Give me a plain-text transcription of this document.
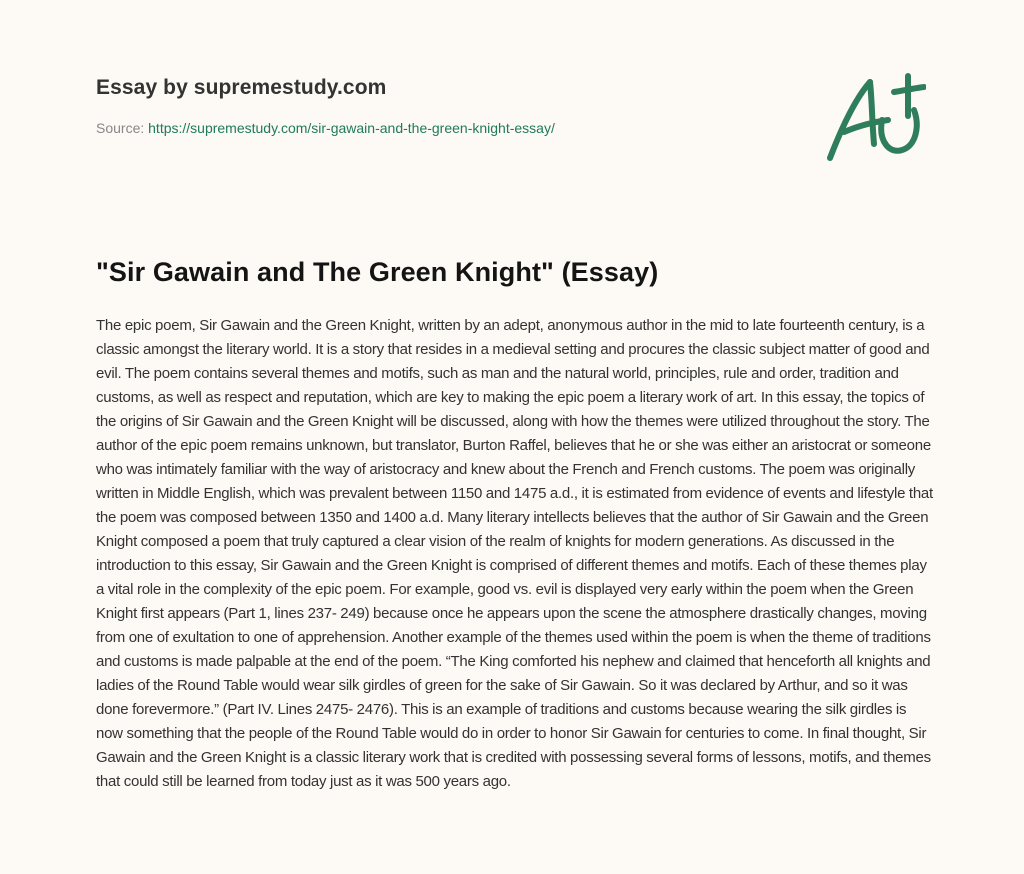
Essay by supremestudy.com
Source: https://supremestudy.com/sir-gawain-and-the-green-knight-essay/
"Sir Gawain and The Green Knight" (Essay)

The epic poem, Sir Gawain and the Green Knight, written by an adept, anonymous author in the mid to late fourteenth century, is a classic amongst the literary world. It is a story that resides in a medieval setting and procures the classic subject matter of good and evil. The poem contains several themes and motifs, such as man and the natural world, principles, rule and order, tradition and customs, as well as respect and reputation, which are key to making the epic poem a literary work of art. In this essay, the topics of the origins of Sir Gawain and the Green Knight will be discussed, along with how the themes were utilized throughout the story. The author of the epic poem remains unknown, but translator, Burton Raffel, believes that he or she was either an aristocrat or someone who was intimately familiar with the way of aristocracy and knew about the French and French customs. The poem was originally written in Middle English, which was prevalent between 1150 and 1475 a.d., it is estimated from evidence of events and lifestyle that the poem was composed between 1350 and 1400 a.d. Many literary intellects believes that the author of Sir Gawain and the Green Knight composed a poem that truly captured a clear vision of the realm of knights for modern generations. As discussed in the introduction to this essay, Sir Gawain and the Green Knight is comprised of different themes and motifs. Each of these themes play a vital role in the complexity of the epic poem. For example, good vs. evil is displayed very early within the poem when the Green Knight first appears (Part 1, lines 237- 249) because once he appears upon the scene the atmosphere drastically changes, moving from one of exultation to one of apprehension. Another example of the themes used within the poem is when the theme of traditions and customs is made palpable at the end of the poem. “The King comforted his nephew and claimed that henceforth all knights and ladies of the Round Table would wear silk girdles of green for the sake of Sir Gawain. So it was declared by Arthur, and so it was done forevermore.” (Part IV. Lines 2475- 2476). This is an example of traditions and customs because wearing the silk girdles is now something that the people of the Round Table would do in order to honor Sir Gawain for centuries to come. In final thought, Sir Gawain and the Green Knight is a classic literary work that is credited with possessing several forms of lessons, motifs, and themes that could still be learned from today just as it was 500 years ago.
